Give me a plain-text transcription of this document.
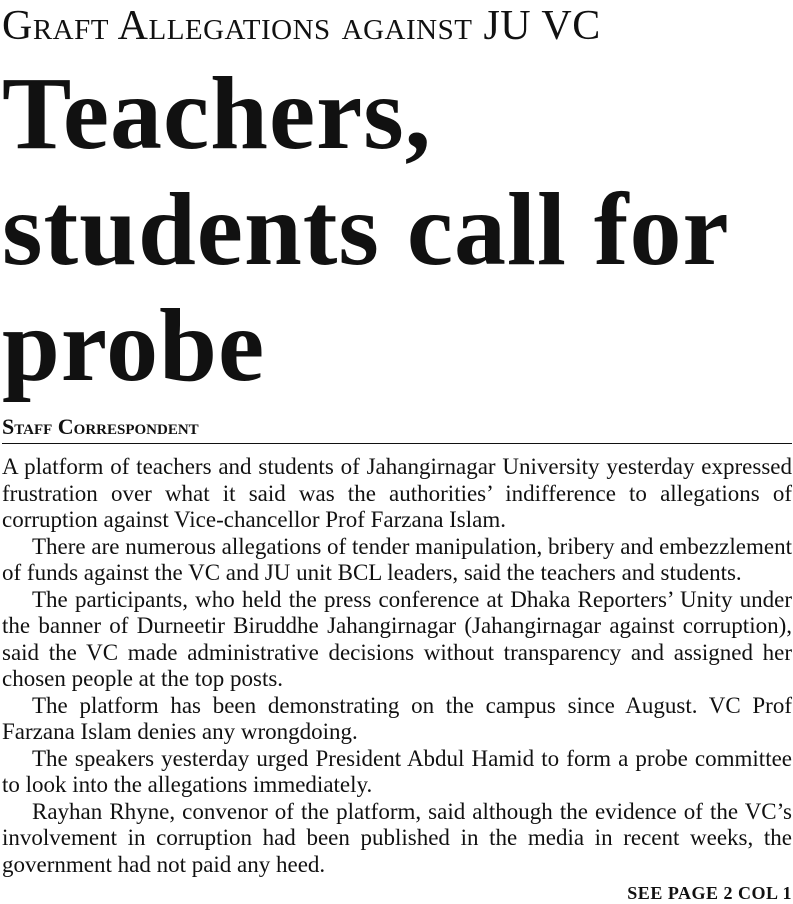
Graft Allegations against JU VC
Teachers, students call for probe
Staff Correspondent

A platform of teachers and students of Jahangirnagar University yesterday expressed frustration over what it said was the authorities’ indifference to allegations of corruption against Vice-chancellor Prof Farzana Islam.

There are numerous allegations of tender manipulation, bribery and embezzlement of funds against the VC and JU unit BCL leaders, said the teachers and students.

The participants, who held the press conference at Dhaka Reporters’ Unity under the banner of Durneetir Biruddhe Jahangirnagar (Jahangirnagar against corruption), said the VC made administrative decisions without transparency and assigned her chosen people at the top posts.

The platform has been demonstrating on the campus since August. VC Prof Farzana Islam denies any wrongdoing.

The speakers yesterday urged President Abdul Hamid to form a probe committee to look into the allegations immediately.

Rayhan Rhyne, convenor of the platform, said although the evidence of the VC’s involvement in corruption had been published in the media in recent weeks, the government had not paid any heed.

SEE PAGE 2 COL 1
